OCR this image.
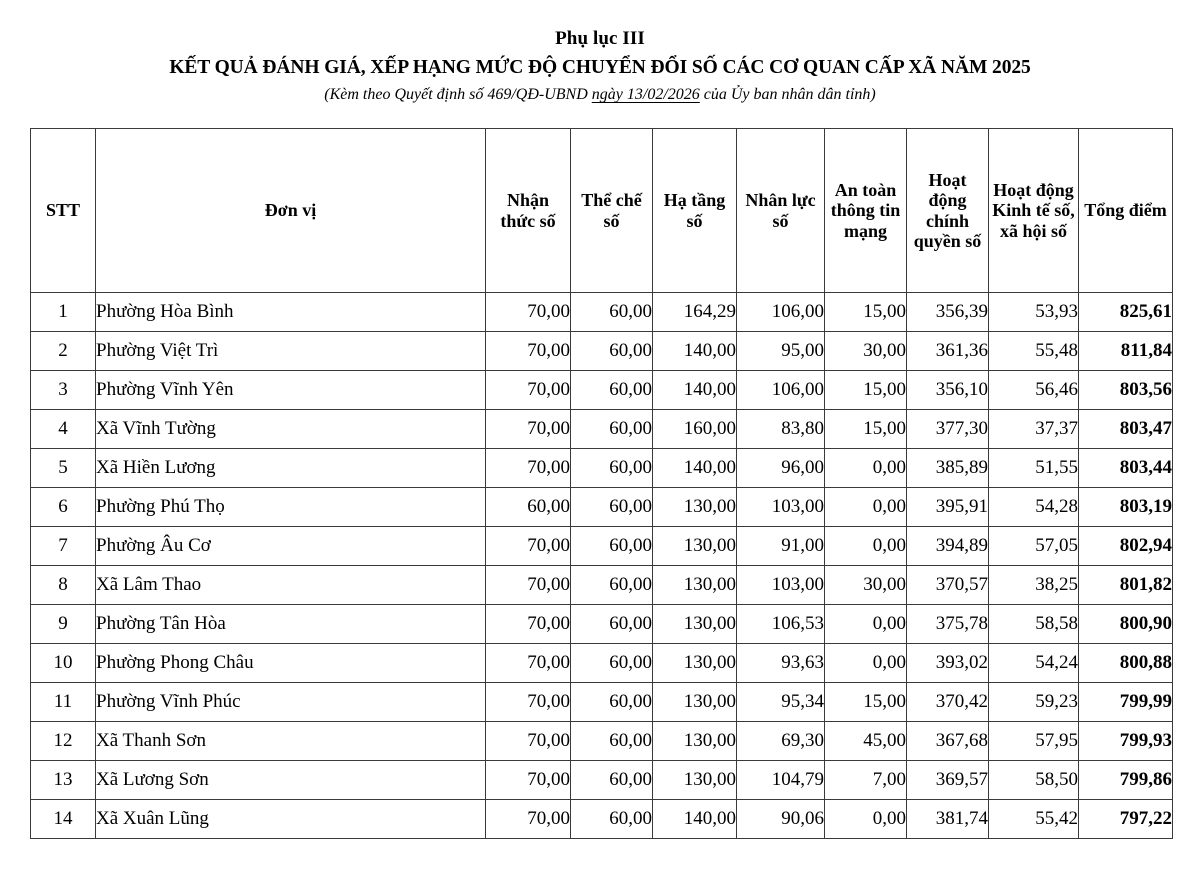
Phụ lục III
KẾT QUẢ ĐÁNH GIÁ, XẾP HẠNG MỨC ĐỘ CHUYỂN ĐỔI SỐ CÁC CƠ QUAN CẤP XÃ NĂM 2025
(Kèm theo Quyết định số 469/QĐ-UBND ngày 13/02/2026 của Ủy ban nhân dân tỉnh)
STT	Đơn vị	Nhận thức số	Thể chế số	Hạ tầng số	Nhân lực số	An toàn thông tin mạng	Hoạt động chính quyền số	Hoạt động Kinh tế số, xã hội số	Tổng điểm
1	Phường Hòa Bình	70,00	60,00	164,29	106,00	15,00	356,39	53,93	825,61
2	Phường Việt Trì	70,00	60,00	140,00	95,00	30,00	361,36	55,48	811,84
3	Phường Vĩnh Yên	70,00	60,00	140,00	106,00	15,00	356,10	56,46	803,56
4	Xã Vĩnh Tường	70,00	60,00	160,00	83,80	15,00	377,30	37,37	803,47
5	Xã Hiền Lương	70,00	60,00	140,00	96,00	0,00	385,89	51,55	803,44
6	Phường Phú Thọ	60,00	60,00	130,00	103,00	0,00	395,91	54,28	803,19
7	Phường Âu Cơ	70,00	60,00	130,00	91,00	0,00	394,89	57,05	802,94
8	Xã Lâm Thao	70,00	60,00	130,00	103,00	30,00	370,57	38,25	801,82
9	Phường Tân Hòa	70,00	60,00	130,00	106,53	0,00	375,78	58,58	800,90
10	Phường Phong Châu	70,00	60,00	130,00	93,63	0,00	393,02	54,24	800,88
11	Phường Vĩnh Phúc	70,00	60,00	130,00	95,34	15,00	370,42	59,23	799,99
12	Xã Thanh Sơn	70,00	60,00	130,00	69,30	45,00	367,68	57,95	799,93
13	Xã Lương Sơn	70,00	60,00	130,00	104,79	7,00	369,57	58,50	799,86
14	Xã Xuân Lũng	70,00	60,00	140,00	90,06	0,00	381,74	55,42	797,22
